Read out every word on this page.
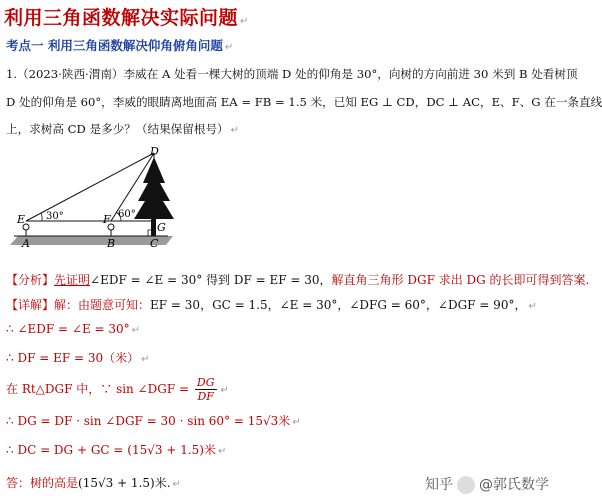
利用三角函数解决实际问题 ↵
考点一 利用三角函数解决仰角俯角问题 ↵
1.（2023·陕西·渭南）李威在 A 处看一棵大树的顶端 D 处的仰角是 30°，向树的方向前进 30 米到 B 处看树顶
D 处的仰角是 60°，李威的眼睛离地面高 EA = FB = 1.5 米，已知 EG ⊥ CD，DC ⊥ AC，E、F、G 在一条直线
上，求树高 CD 是多少？（结果保留根号） ↵
D
E	F
G
A	B	C
30°	60°
【分析】先证明∠EDF = ∠E = 30° 得到 DF = EF = 30，解直角三角形 DGF 求出 DG 的长即可得到答案.
【详解】解：由题意可知：EF = 30，GC = 1.5，∠E = 30°，∠DFG = 60°，∠DGF = 90°， ↵
∴ ∠EDF = ∠E = 30° ↵
∴ DF = EF = 30（米） ↵
在 Rt△DGF 中，∵ sin ∠DGF = $\frac{DG}{DF}$ ↵
∴ DG = DF · sin ∠DGF = 30 · sin 60° = 15√3米 ↵
∴ DC = DG + GC = (15√3 + 1.5)米 ↵
答：树的高是(15√3 + 1.5)米. ↵	知乎 @郭氏数学
